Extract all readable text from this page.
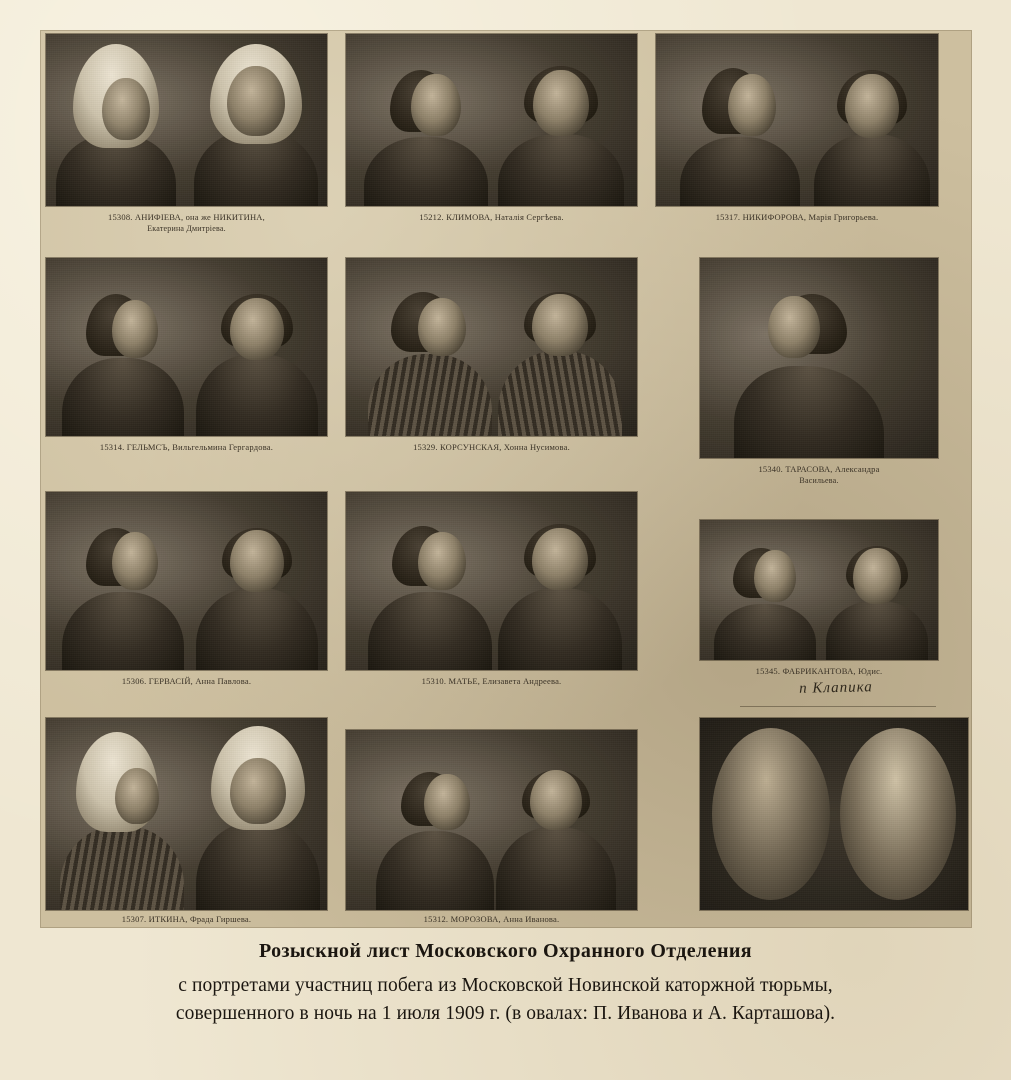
15308. АНИФIЕВА, она же НИКИТИНА,
Екатерина Дмитріева.
15212. КЛИМОВА, Наталія Сергѣева.	15317. НИКИФОРОВА, Марія Григорьева.
15314. ГЕЛЬМСЪ, Вильгельмина Гергардова.	15329. КОРСУНСКАЯ, Хонна Нусимова.
15340. ТАРАСОВА, Александра
Васильева.
15306. ГЕРВАСIЙ, Анна Павлова.	15310. МАТЬЕ, Елизавета Андреева.
15345. ФАБРИКАНТОВА, Юдис.
п Клапика
15307. ИТКИНА, Фрада Гиршева.	15312. МОРОЗОВА, Анна Иванова.
Розыскной лист Московского Охранного Отделения
с портретами участниц побега из Московской Новинской каторжной тюрьмы,
совершенного в ночь на 1 июля 1909 г. (в овалах: П. Иванова и А. Карташова).
